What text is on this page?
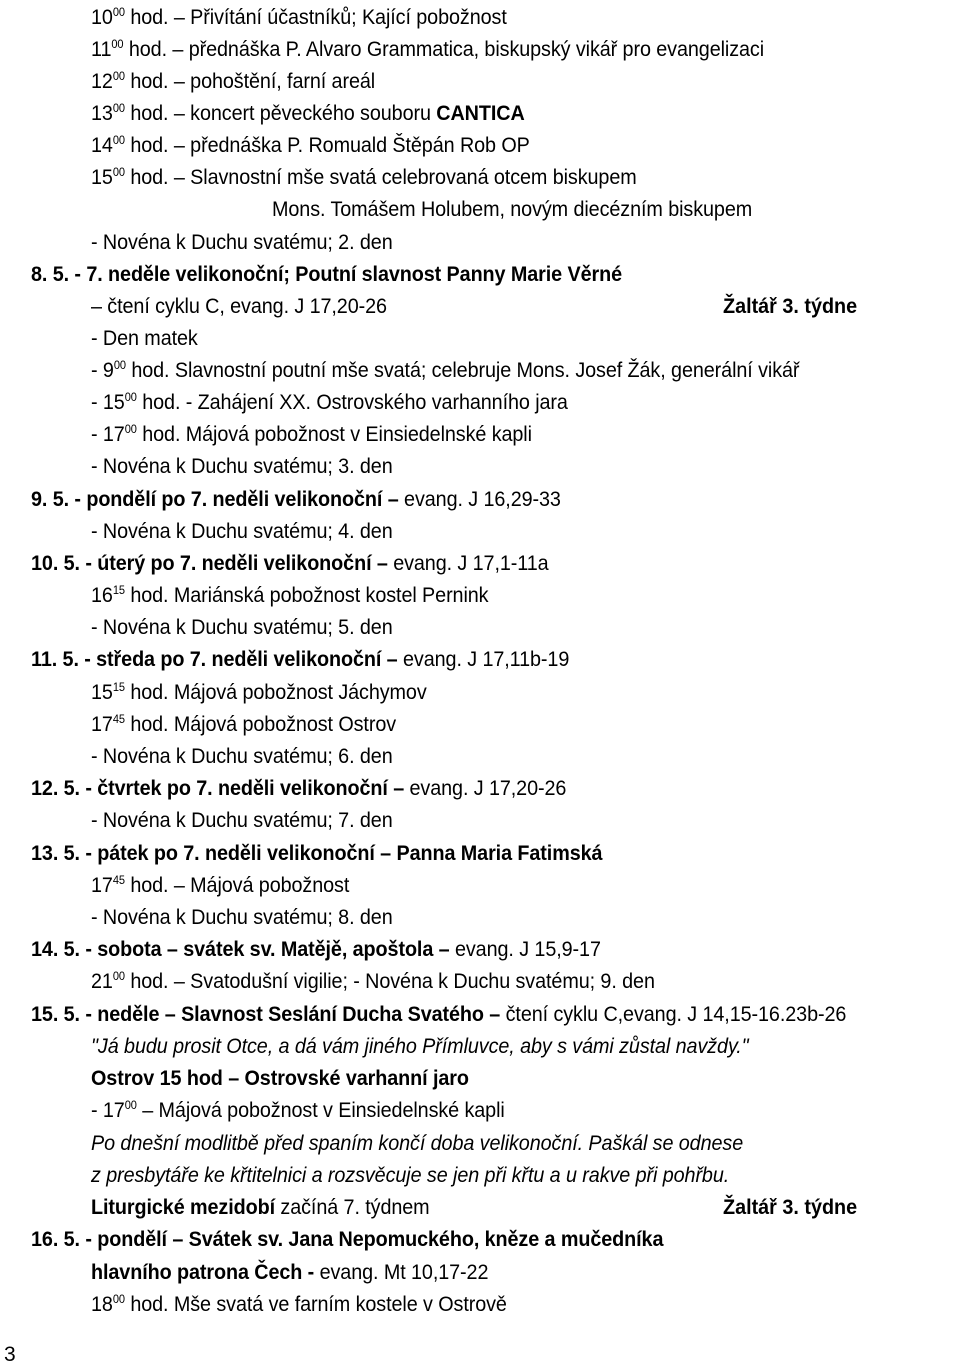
$10^{00}$ hod. – Přivítání účastníků; Kající pobožnost
$11^{00}$ hod. – přednáška P. Alvaro Grammatica, biskupský vikář pro evangelizaci
$12^{00}$ hod. – pohoštění, farní areál
$13^{00}$ hod. – koncert pěveckého souboru CANTICA
$14^{00}$ hod. – přednáška P. Romuald Štěpán Rob OP
$15^{00}$ hod. – Slavnostní mše svatá celebrovaná otcem biskupem
Mons. Tomášem Holubem, novým diecézním biskupem
- Novéna k Duchu svatému; 2. den
8. 5. - 7. neděle velikonoční; Poutní slavnost Panny Marie Věrné
– čtení cyklu C, evang. J 17,20-26	Žaltář 3. týdne
- Den matek
- $9^{00}$ hod. Slavnostní poutní mše svatá; celebruje Mons. Josef Žák, generální vikář
- $15^{00}$ hod. - Zahájení XX. Ostrovského varhanního jara
- $17^{00}$ hod. Májová pobožnost v Einsiedelnské kapli
- Novéna k Duchu svatému; 3. den
9. 5. - pondělí po 7. neděli velikonoční – evang. J 16,29-33
- Novéna k Duchu svatému; 4. den
10. 5. - úterý po 7. neděli velikonoční – evang. J 17,1-11a
$16^{15}$ hod. Mariánská pobožnost kostel Pernink
- Novéna k Duchu svatému; 5. den
11. 5. - středa po 7. neděli velikonoční – evang. J 17,11b-19
$15^{15}$ hod. Májová pobožnost Jáchymov
$17^{45}$ hod. Májová pobožnost Ostrov
- Novéna k Duchu svatému; 6. den
12. 5. - čtvrtek po 7. neděli velikonoční – evang. J 17,20-26
- Novéna k Duchu svatému; 7. den
13. 5. - pátek po 7. neděli velikonoční – Panna Maria Fatimská
$17^{45}$ hod. – Májová pobožnost
- Novéna k Duchu svatému; 8. den
14. 5. - sobota – svátek sv. Matějě, apoštola – evang. J 15,9-17
$21^{00}$ hod. – Svatodušní vigilie; - Novéna k Duchu svatému; 9. den
15. 5. - neděle – Slavnost Seslání Ducha Svatého – čtení cyklu C,evang. J 14,15-16.23b-26
"Já budu prosit Otce, a dá vám jiného Přímluvce, aby s vámi zůstal navždy."
Ostrov 15 hod – Ostrovské varhanní jaro
- $17^{00}$ – Májová pobožnost v Einsiedelnské kapli
Po dnešní modlitbě před spaním končí doba velikonoční. Paškál se odnese
z presbytáře ke křtitelnici a rozsvěcuje se jen při křtu a u rakve při pohřbu.
Liturgické mezidobí začíná 7. týdnem	Žaltář 3. týdne
16. 5. - pondělí – Svátek sv. Jana Nepomuckého, kněze a mučedníka
hlavního patrona Čech - evang. Mt 10,17-22
$18^{00}$ hod. Mše svatá ve farním kostele v Ostrově
3
